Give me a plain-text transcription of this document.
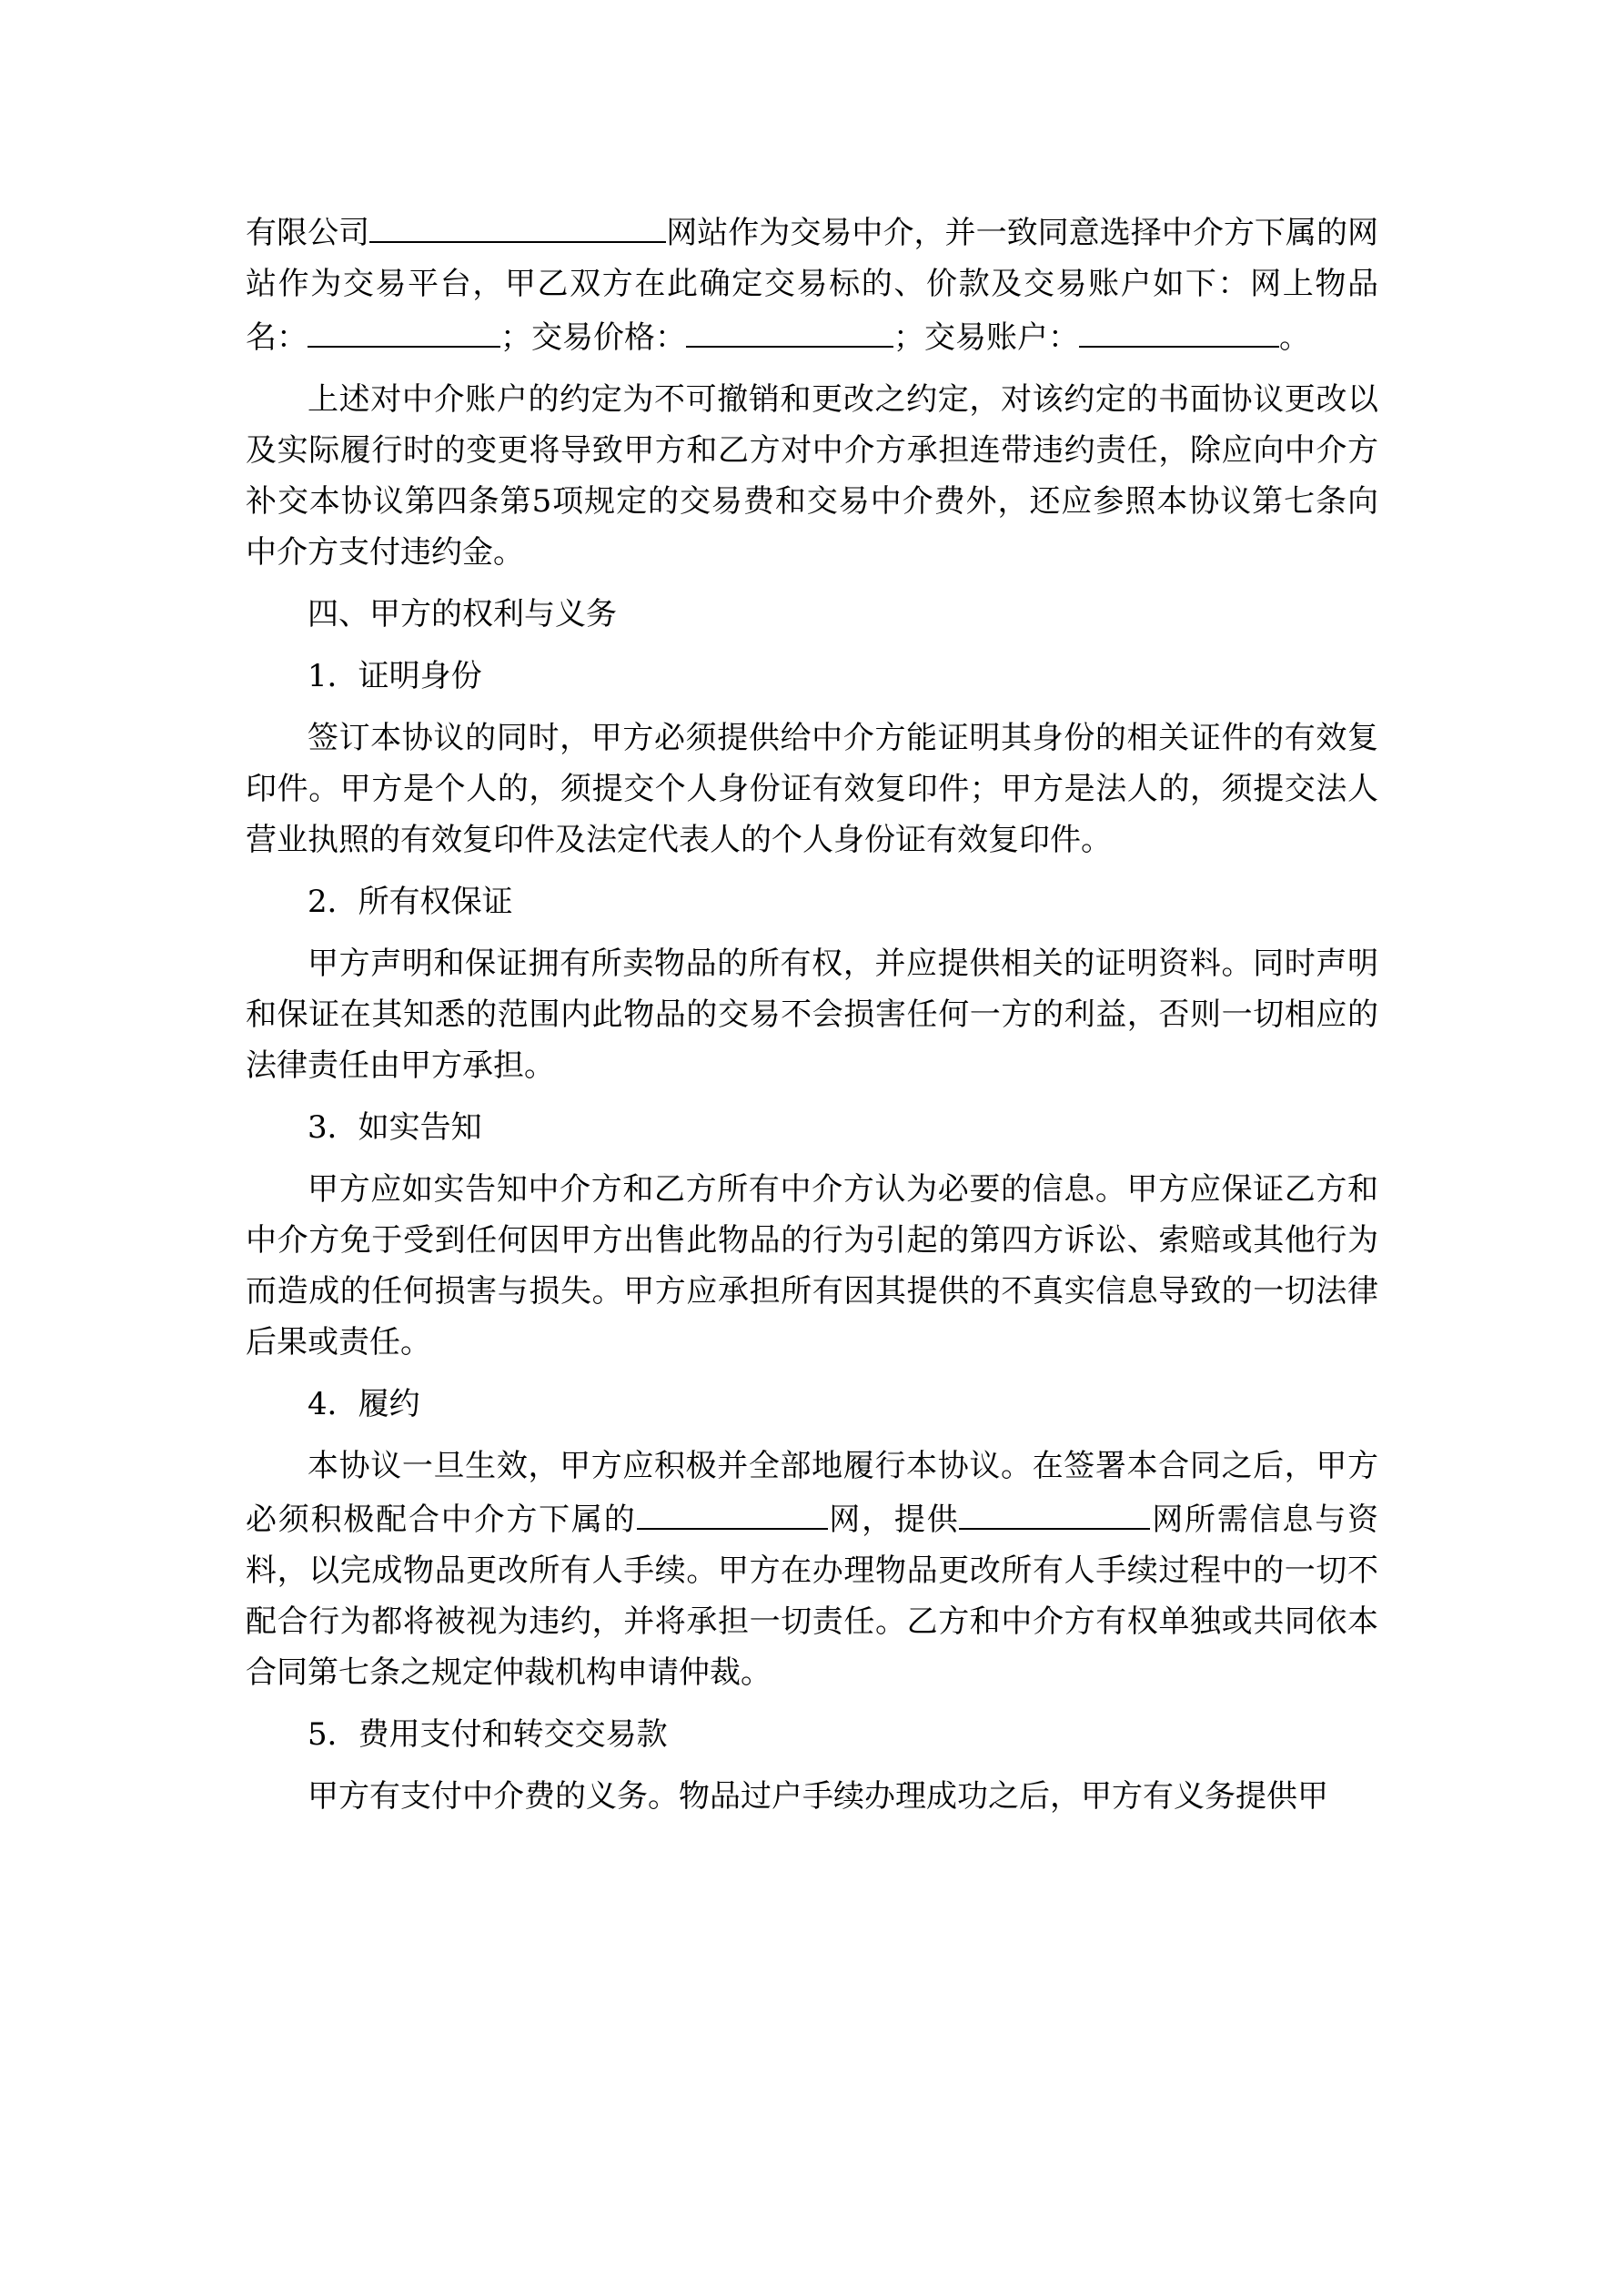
有限公司	网站作为交易中介，并一致同意选择中介方下属的网站作为交易平台，甲乙双方在此确定交易标的、价款及交易账户如下：网上物品名：	；交易价格：	；交易账户：	。

上述对中介账户的约定为不可撤销和更改之约定，对该约定的书面协议更改以及实际履行时的变更将导致甲方和乙方对中介方承担连带违约责任，除应向中介方补交本协议第四条第5项规定的交易费和交易中介费外，还应参照本协议第七条向中介方支付违约金。

四、甲方的权利与义务

1．证明身份

签订本协议的同时，甲方必须提供给中介方能证明其身份的相关证件的有效复印件。甲方是个人的，须提交个人身份证有效复印件；甲方是法人的，须提交法人营业执照的有效复印件及法定代表人的个人身份证有效复印件。

2．所有权保证

甲方声明和保证拥有所卖物品的所有权，并应提供相关的证明资料。同时声明和保证在其知悉的范围内此物品的交易不会损害任何一方的利益，否则一切相应的法律责任由甲方承担。

3．如实告知

甲方应如实告知中介方和乙方所有中介方认为必要的信息。甲方应保证乙方和中介方免于受到任何因甲方出售此物品的行为引起的第四方诉讼、索赔或其他行为而造成的任何损害与损失。甲方应承担所有因其提供的不真实信息导致的一切法律后果或责任。

4．履约

本协议一旦生效，甲方应积极并全部地履行本协议。在签署本合同之后，甲方必须积极配合中介方下属的	网，提供	网所需信息与资料，以完成物品更改所有人手续。甲方在办理物品更改所有人手续过程中的一切不配合行为都将被视为违约，并将承担一切责任。乙方和中介方有权单独或共同依本合同第七条之规定仲裁机构申请仲裁。

5．费用支付和转交交易款

甲方有支付中介费的义务。物品过户手续办理成功之后，甲方有义务提供甲
